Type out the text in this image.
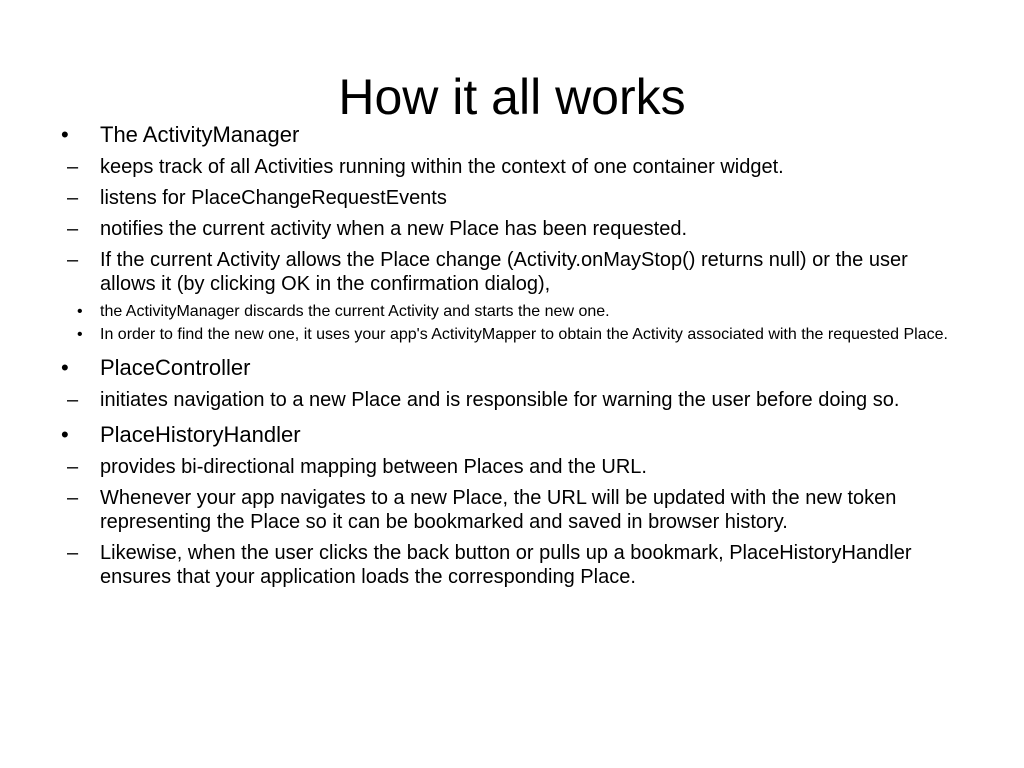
How it all works
•	The ActivityManager
–	keeps track of all Activities running within the context of one container widget.
–	listens for PlaceChangeRequestEvents
–	notifies the current activity when a new Place has been requested.
–	If the current Activity allows the Place change (Activity.onMayStop() returns null) or the user allows it (by clicking OK in the confirmation dialog),
•	the ActivityManager discards the current Activity and starts the new one.
•	In order to find the new one, it uses your app's ActivityMapper to obtain the Activity associated with the requested Place.
•	PlaceController
–	initiates navigation to a new Place and is responsible for warning the user before doing so.
•	PlaceHistoryHandler
–	provides bi-directional mapping between Places and the URL.
–	Whenever your app navigates to a new Place, the URL will be updated with the new token representing the Place so it can be bookmarked and saved in browser history.
–	Likewise, when the user clicks the back button or pulls up a bookmark, PlaceHistoryHandler ensures that your application loads the corresponding Place.
